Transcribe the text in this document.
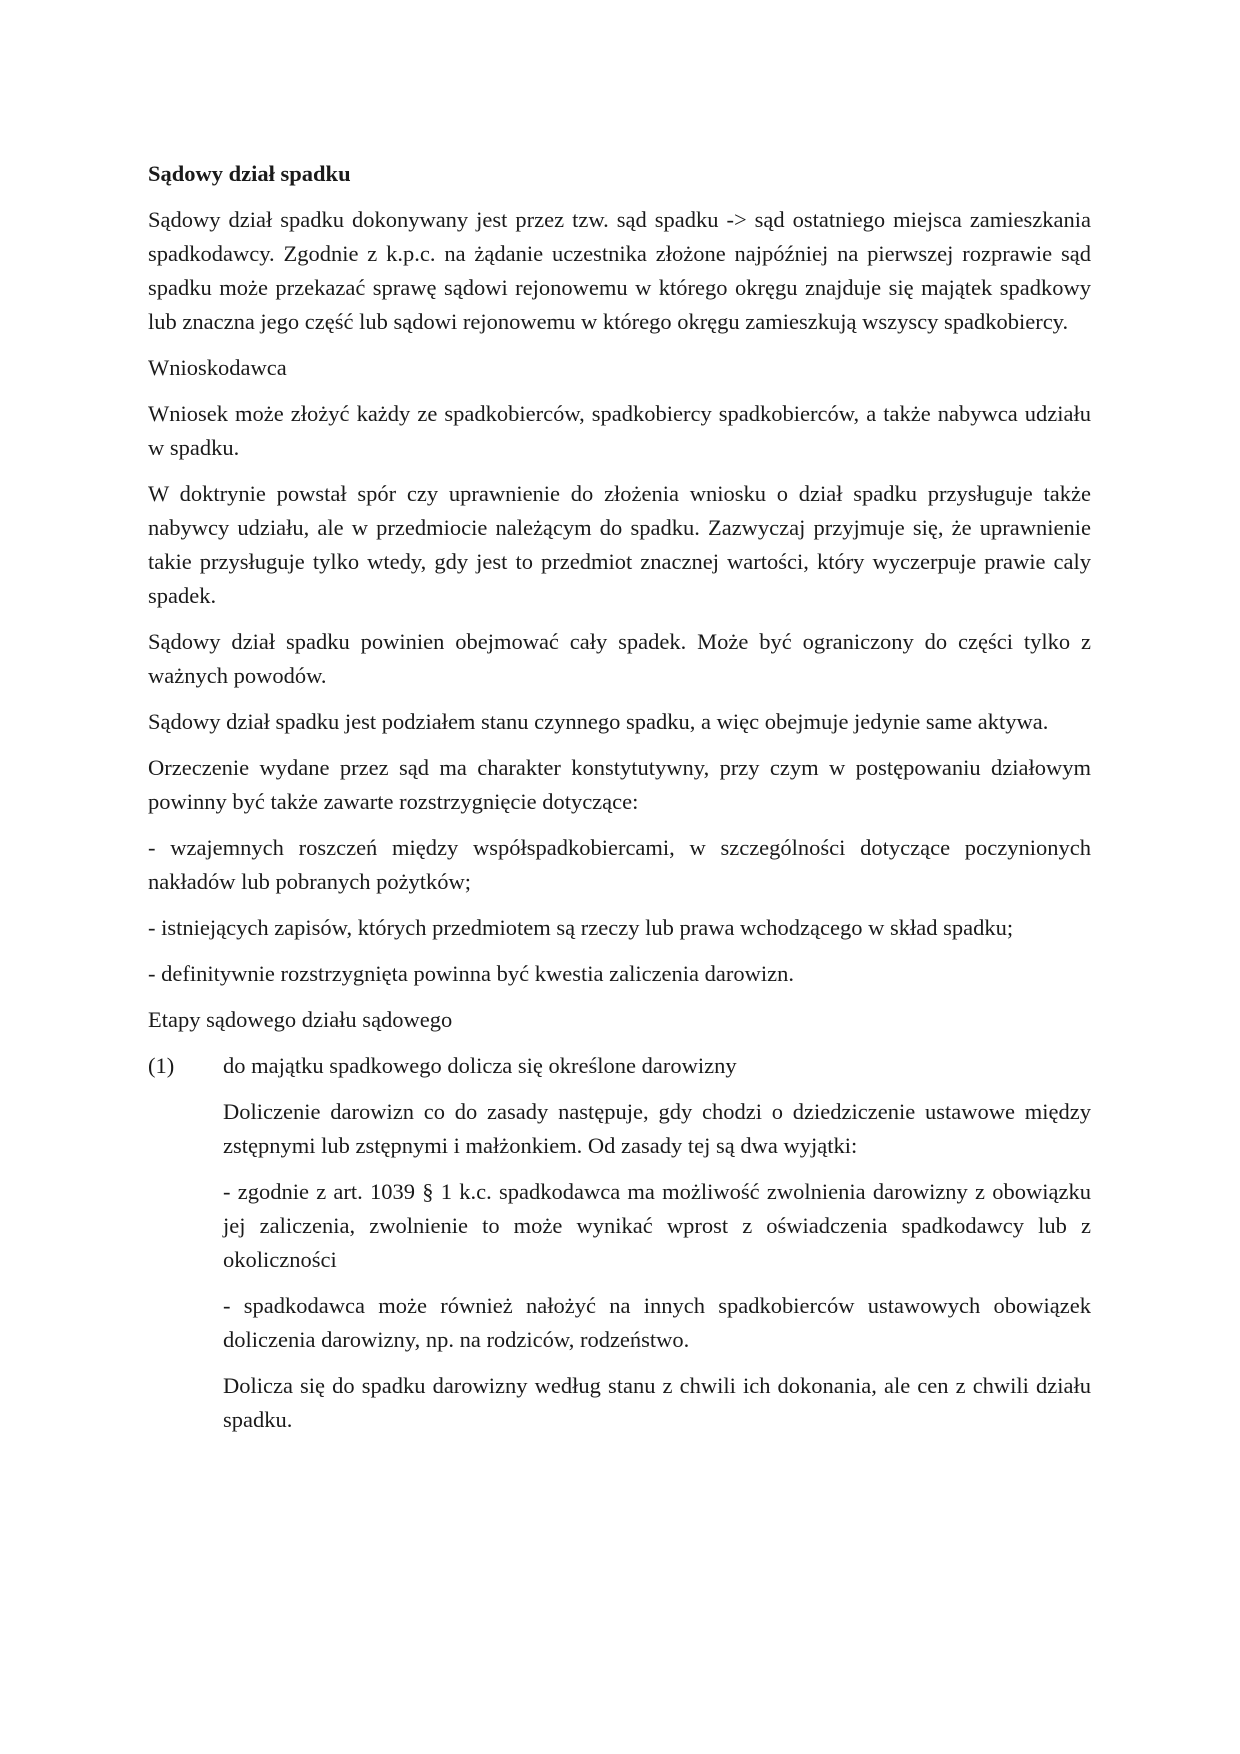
Sądowy dział spadku

Sądowy dział spadku dokonywany jest przez tzw. sąd spadku -> sąd ostatniego miejsca zamieszkania spadkodawcy. Zgodnie z k.p.c. na żądanie uczestnika złożone najpóźniej na pierwszej rozprawie sąd spadku może przekazać sprawę sądowi rejonowemu w którego okręgu znajduje się majątek spadkowy lub znaczna jego część lub sądowi rejonowemu w którego okręgu zamieszkują wszyscy spadkobiercy.

Wnioskodawca

Wniosek może złożyć każdy ze spadkobierców, spadkobiercy spadkobierców, a także nabywca udziału w spadku.

W doktrynie powstał spór czy uprawnienie do złożenia wniosku o dział spadku przysługuje także nabywcy udziału, ale w przedmiocie należącym do spadku. Zazwyczaj przyjmuje się, że uprawnienie takie przysługuje tylko wtedy, gdy jest to przedmiot znacznej wartości, który wyczerpuje prawie caly spadek.

Sądowy dział spadku powinien obejmować cały spadek. Może być ograniczony do części tylko z ważnych powodów.

Sądowy dział spadku jest podziałem stanu czynnego spadku, a więc obejmuje jedynie same aktywa.

Orzeczenie wydane przez sąd ma charakter konstytutywny, przy czym w postępowaniu działowym powinny być także zawarte rozstrzygnięcie dotyczące:

- wzajemnych roszczeń między współspadkobiercami, w szczególności dotyczące poczynionych nakładów lub pobranych pożytków;

- istniejących zapisów, których przedmiotem są rzeczy lub prawa wchodzącego w skład spadku;

- definitywnie rozstrzygnięta powinna być kwestia zaliczenia darowizn.

Etapy sądowego działu sądowego

(1)	do majątku spadkowego dolicza się określone darowizny

Doliczenie darowizn co do zasady następuje, gdy chodzi o dziedziczenie ustawowe między zstępnymi lub zstępnymi i małżonkiem. Od zasady tej są dwa wyjątki:

- zgodnie z art. 1039 § 1 k.c. spadkodawca ma możliwość zwolnienia darowizny z obowiązku jej zaliczenia, zwolnienie to może wynikać wprost z oświadczenia spadkodawcy lub z okoliczności

- spadkodawca może również nałożyć na innych spadkobierców ustawowych obowiązek doliczenia darowizny, np. na rodziców, rodzeństwo.

Dolicza się do spadku darowizny według stanu z chwili ich dokonania, ale cen z chwili działu spadku.
